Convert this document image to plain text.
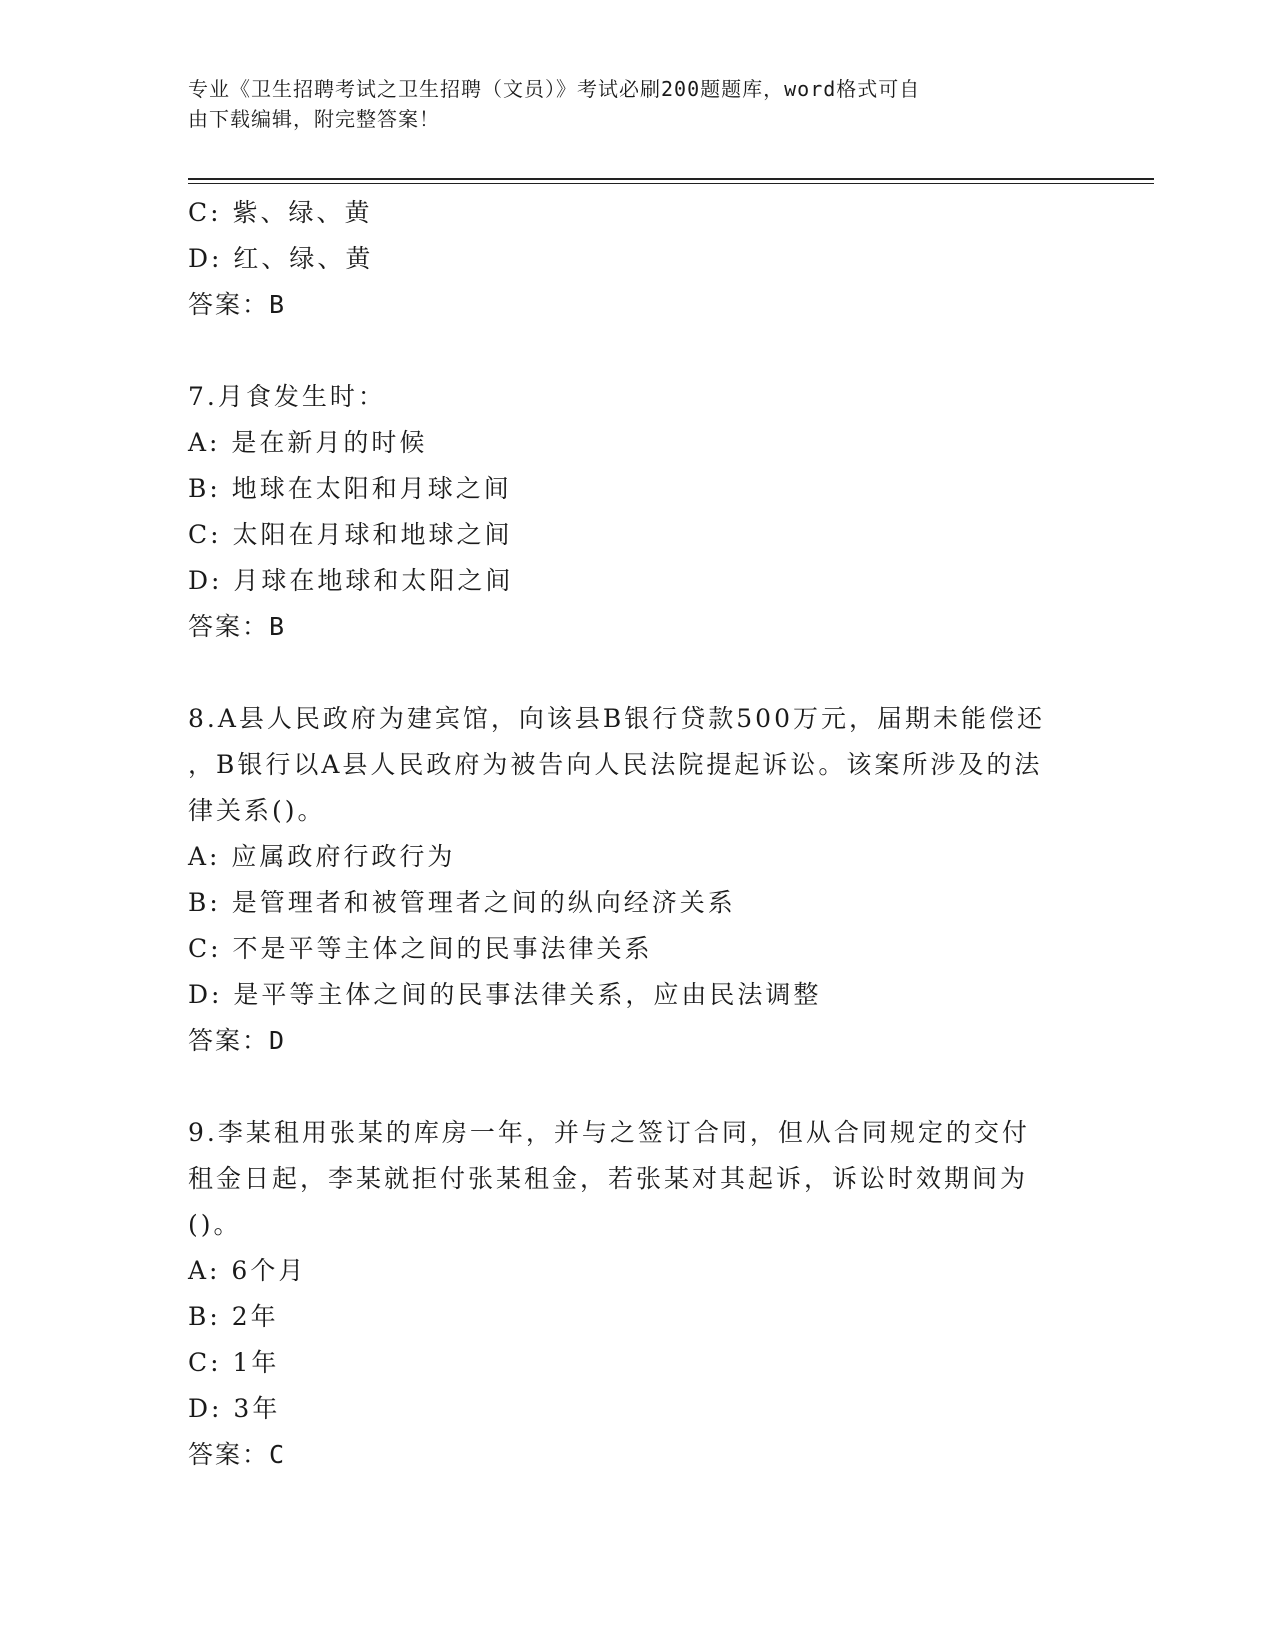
专业《卫生招聘考试之卫生招聘（文员）》考试必刷200题题库，word格式可自
由下载编辑，附完整答案！
C: 紫、绿、黄
D: 红、绿、黄
答案：B
7.月食发生时：
A: 是在新月的时候
B: 地球在太阳和月球之间
C: 太阳在月球和地球之间
D: 月球在地球和太阳之间
答案：B
8.A县人民政府为建宾馆，向该县B银行贷款500万元，届期未能偿还
，B银行以A县人民政府为被告向人民法院提起诉讼。该案所涉及的法
律关系()。
A: 应属政府行政行为
B: 是管理者和被管理者之间的纵向经济关系
C: 不是平等主体之间的民事法律关系
D: 是平等主体之间的民事法律关系，应由民法调整
答案：D
9.李某租用张某的库房一年，并与之签订合同，但从合同规定的交付
租金日起，李某就拒付张某租金，若张某对其起诉，诉讼时效期间为
()。
A: 6个月
B: 2年
C: 1年
D: 3年
答案：C
